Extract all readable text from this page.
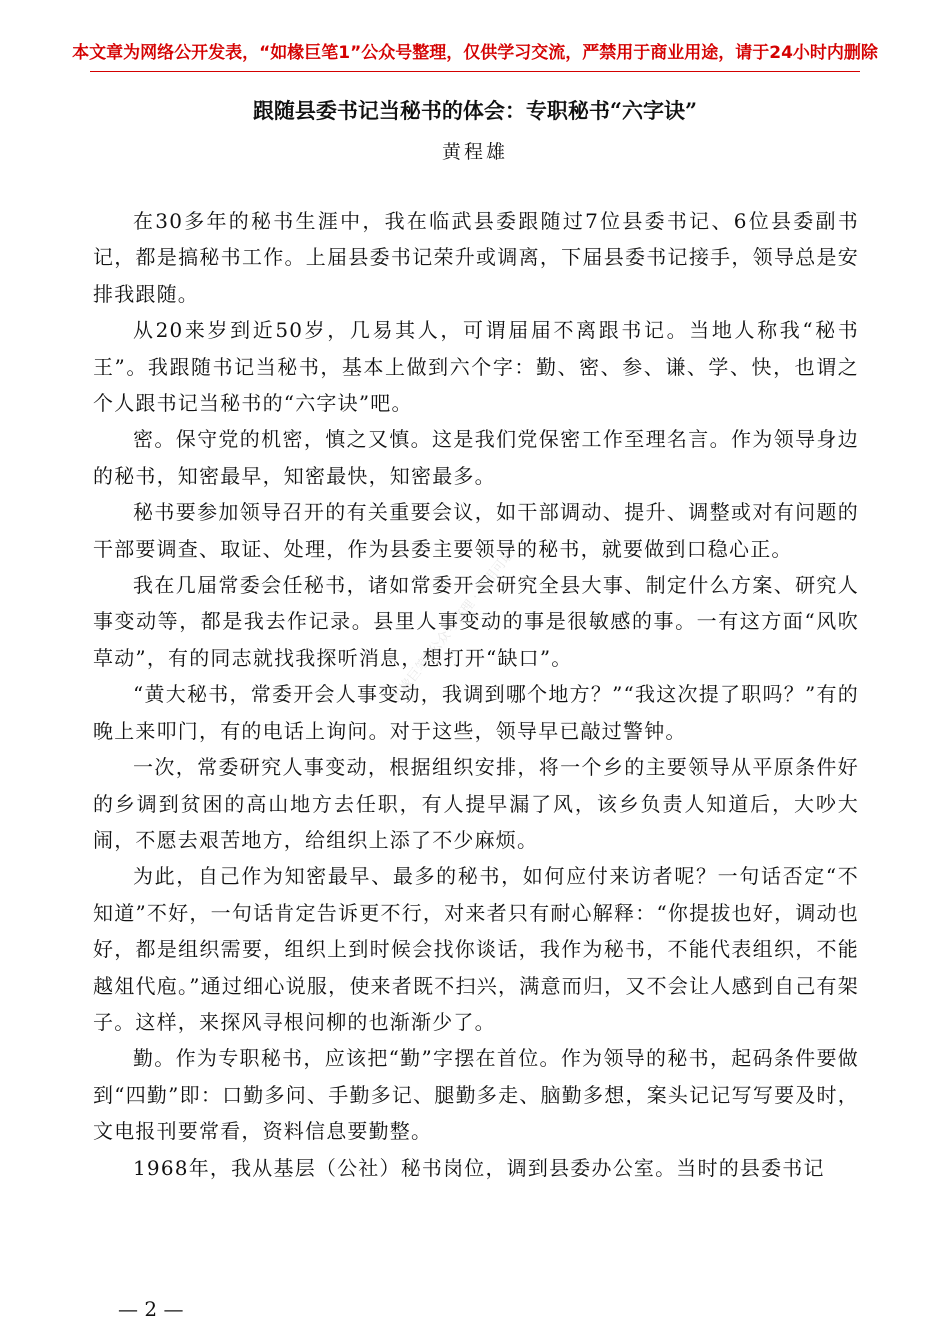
本文章为网络公开发表，“如椽巨笔1”公众号整理，仅供学习交流，严禁用于商业用途，请于24小时内删除
跟随县委书记当秘书的体会：专职秘书“六字诀”
黄程雄

在30多年的秘书生涯中，我在临武县委跟随过7位县委书记、6位县委副书记，都是搞秘书工作。上届县委书记荣升或调离，下届县委书记接手，领导总是安排我跟随。

从20来岁到近50岁，几易其人，可谓届届不离跟书记。当地人称我“秘书王”。我跟随书记当秘书，基本上做到六个字：勤、密、参、谦、学、快，也谓之个人跟书记当秘书的“六字诀”吧。

密。保守党的机密，慎之又慎。这是我们党保密工作至理名言。作为领导身边的秘书，知密最早，知密最快，知密最多。

秘书要参加领导召开的有关重要会议，如干部调动、提升、调整或对有问题的干部要调查、取证、处理，作为县委主要领导的秘书，就要做到口稳心正。

我在几届常委会任秘书，诸如常委开会研究全县大事、制定什么方案、研究人事变动等，都是我去作记录。县里人事变动的事是很敏感的事。一有这方面“风吹草动”，有的同志就找我探听消息，想打开“缺口”。

“黄大秘书，常委开会人事变动，我调到哪个地方？”“我这次提了职吗？”有的晚上来叩门，有的电话上询问。对于这些，领导早已敲过警钟。

一次，常委研究人事变动，根据组织安排，将一个乡的主要领导从平原条件好的乡调到贫困的高山地方去任职，有人提早漏了风，该乡负责人知道后，大吵大闹，不愿去艰苦地方，给组织上添了不少麻烦。

为此，自己作为知密最早、最多的秘书，如何应付来访者呢？一句话否定“不知道”不好，一句话肯定告诉更不行，对来者只有耐心解释：“你提拔也好，调动也好，都是组织需要，组织上到时候会找你谈话，我作为秘书，不能代表组织，不能越俎代庖。”通过细心说服，使来者既不扫兴，满意而归，又不会让人感到自己有架子。这样，来探风寻根问柳的也渐渐少了。

勤。作为专职秘书，应该把“勤”字摆在首位。作为领导的秘书，起码条件要做到“四勤”即：口勤多问、手勤多记、腿勤多走、脑勤多想，案头记记写写要及时，文电报刊要常看，资料信息要勤整。

1968年，我从基层（公社）秘书岗位，调到县委办公室。当时的县委书记

如椽巨笔1公众号整理 · 盗用可耻
— 2 —
